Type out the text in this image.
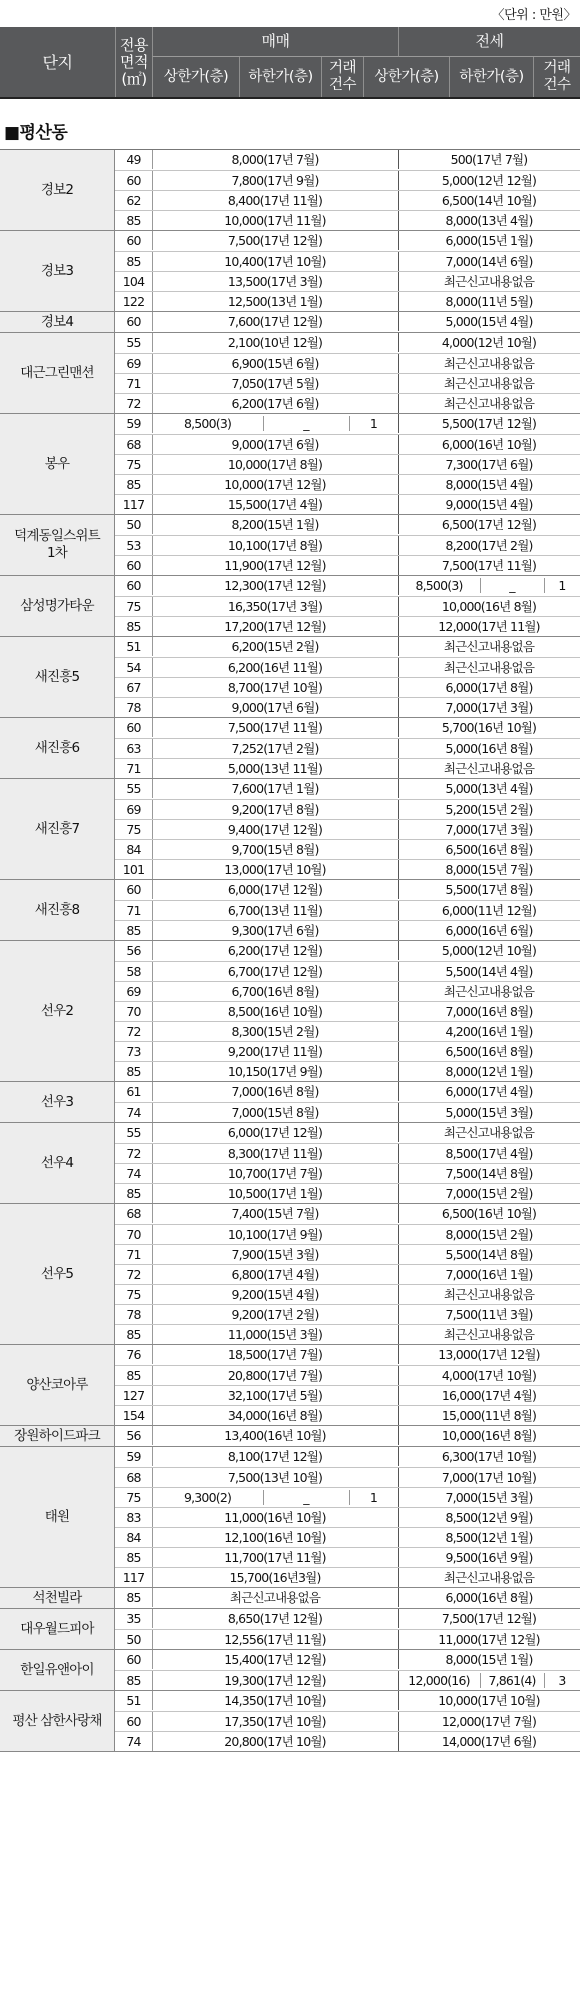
〈단위 : 만원〉
단지
전용
면적
(㎡)
매매	전세
상한가(층)	하한가(층)
거래
건수
상한가(층)	하한가(층)
거래
건수
■평산동
경보2
49	8,000(17년 7월)	500(17년 7월)
60	7,800(17년 9월)	5,000(12년 12월)
62	8,400(17년 11월)	6,500(14년 10월)
85	10,000(17년 11월)	8,000(13년 4월)
경보3
60	7,500(17년 12월)	6,000(15년 1월)
85	10,400(17년 10월)	7,000(14년 6월)
104	13,500(17년 3월)	최근신고내용없음
122	12,500(13년 1월)	8,000(11년 5월)
경보4	60	7,600(17년 12월)	5,000(15년 4월)
대근그린맨션
55	2,100(10년 12월)	4,000(12년 10월)
69	6,900(15년 6월)	최근신고내용없음
71	7,050(17년 5월)	최근신고내용없음
72	6,200(17년 6월)	최근신고내용없음
봉우
59	8,500(3)	_	1	5,500(17년 12월)
68	9,000(17년 6월)	6,000(16년 10월)
75	10,000(17년 8월)	7,300(17년 6월)
85	10,000(17년 12월)	8,000(15년 4월)
117	15,500(17년 4월)	9,000(15년 4월)
덕계동일스위트
1차
50	8,200(15년 1월)	6,500(17년 12월)
53	10,100(17년 8월)	8,200(17년 2월)
60	11,900(17년 12월)	7,500(17년 11월)
삼성명가타운
60	12,300(17년 12월)	8,500(3)	_	1
75	16,350(17년 3월)	10,000(16년 8월)
85	17,200(17년 12월)	12,000(17년 11월)
새진흥5
51	6,200(15년 2월)	최근신고내용없음
54	6,200(16년 11월)	최근신고내용없음
67	8,700(17년 10월)	6,000(17년 8월)
78	9,000(17년 6월)	7,000(17년 3월)
새진흥6
60	7,500(17년 11월)	5,700(16년 10월)
63	7,252(17년 2월)	5,000(16년 8월)
71	5,000(13년 11월)	최근신고내용없음
새진흥7
55	7,600(17년 1월)	5,000(13년 4월)
69	9,200(17년 8월)	5,200(15년 2월)
75	9,400(17년 12월)	7,000(17년 3월)
84	9,700(15년 8월)	6,500(16년 8월)
101	13,000(17년 10월)	8,000(15년 7월)
새진흥8
60	6,000(17년 12월)	5,500(17년 8월)
71	6,700(13년 11월)	6,000(11년 12월)
85	9,300(17년 6월)	6,000(16년 6월)
선우2
56	6,200(17년 12월)	5,000(12년 10월)
58	6,700(17년 12월)	5,500(14년 4월)
69	6,700(16년 8월)	최근신고내용없음
70	8,500(16년 10월)	7,000(16년 8월)
72	8,300(15년 2월)	4,200(16년 1월)
73	9,200(17년 11월)	6,500(16년 8월)
85	10,150(17년 9월)	8,000(12년 1월)
선우3
61	7,000(16년 8월)	6,000(17년 4월)
74	7,000(15년 8월)	5,000(15년 3월)
선우4
55	6,000(17년 12월)	최근신고내용없음
72	8,300(17년 11월)	8,500(17년 4월)
74	10,700(17년 7월)	7,500(14년 8월)
85	10,500(17년 1월)	7,000(15년 2월)
선우5
68	7,400(15년 7월)	6,500(16년 10월)
70	10,100(17년 9월)	8,000(15년 2월)
71	7,900(15년 3월)	5,500(14년 8월)
72	6,800(17년 4월)	7,000(16년 1월)
75	9,200(15년 4월)	최근신고내용없음
78	9,200(17년 2월)	7,500(11년 3월)
85	11,000(15년 3월)	최근신고내용없음
양산코아루
76	18,500(17년 7월)	13,000(17년 12월)
85	20,800(17년 7월)	4,000(17년 10월)
127	32,100(17년 5월)	16,000(17년 4월)
154	34,000(16년 8월)	15,000(11년 8월)
장원하이드파크	56	13,400(16년 10월)	10,000(16년 8월)
태원
59	8,100(17년 12월)	6,300(17년 10월)
68	7,500(13년 10월)	7,000(17년 10월)
75	9,300(2)	_	1	7,000(15년 3월)
83	11,000(16년 10월)	8,500(12년 9월)
84	12,100(16년 10월)	8,500(12년 1월)
85	11,700(17년 11월)	9,500(16년 9월)
117	15,700(16년3월)	최근신고내용없음
석천빌라	85	최근신고내용없음	6,000(16년 8월)
대우월드피아
35	8,650(17년 12월)	7,500(17년 12월)
50	12,556(17년 11월)	11,000(17년 12월)
한일유앤아이
60	15,400(17년 12월)	8,000(15년 1월)
85	19,300(17년 12월)	12,000(16)	7,861(4)	3
평산 삼한사랑채
51	14,350(17년 10월)	10,000(17년 10월)
60	17,350(17년 10월)	12,000(17년 7월)
74	20,800(17년 10월)	14,000(17년 6월)
